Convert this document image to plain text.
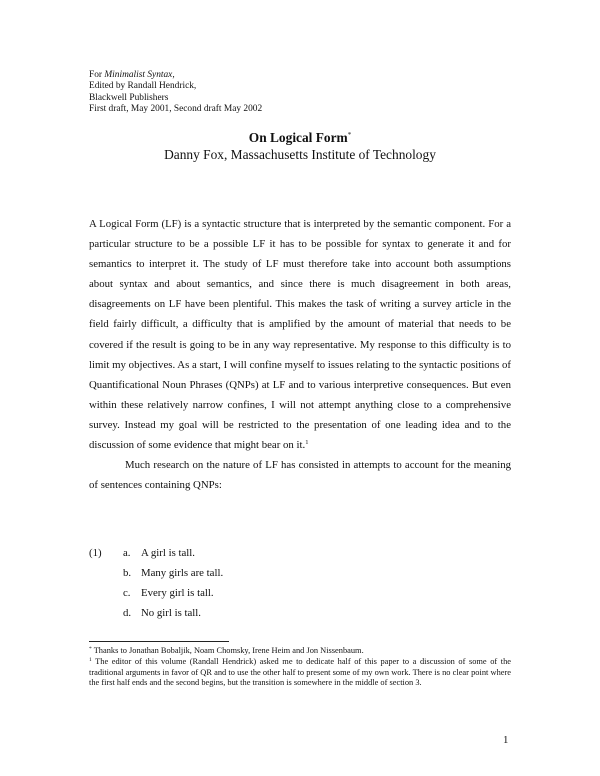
For Minimalist Syntax,
Edited by Randall Hendrick,
Blackwell Publishers
First draft, May 2001, Second draft May 2002
On Logical Form*
Danny Fox, Massachusetts Institute of Technology

A Logical Form (LF) is a syntactic structure that is interpreted by the semantic component. For a particular structure to be a possible LF it has to be possible for syntax to generate it and for semantics to interpret it. The study of LF must therefore take into account both assumptions about syntax and about semantics, and since there is much disagreement in both areas, disagreements on LF have been plentiful. This makes the task of writing a survey article in the field fairly difficult, a difficulty that is amplified by the amount of material that needs to be covered if the result is going to be in any way representative. My response to this difficulty is to limit my objectives. As a start, I will confine myself to issues relating to the syntactic positions of Quantificational Noun Phrases (QNPs) at LF and to various interpretive consequences. But even within these relatively narrow confines, I will not attempt anything close to a comprehensive survey. Instead my goal will be restricted to the presentation of one leading idea and to the discussion of some evidence that might bear on it.$^1$

Much research on the nature of LF has consisted in attempts to account for the meaning of sentences containing QNPs:

(1) a. A girl is tall.
b. Many girls are tall.
c. Every girl is tall.
d. No girl is tall.

* Thanks to Jonathan Bobaljik, Noam Chomsky, Irene Heim and Jon Nissenbaum.

$^1$ The editor of this volume (Randall Hendrick) asked me to dedicate half of this paper to a discussion of some of the traditional arguments in favor of QR and to use the other half to present some of my own work. There is no clear point where the first half ends and the second begins, but the transition is somewhere in the middle of section 3.

1
